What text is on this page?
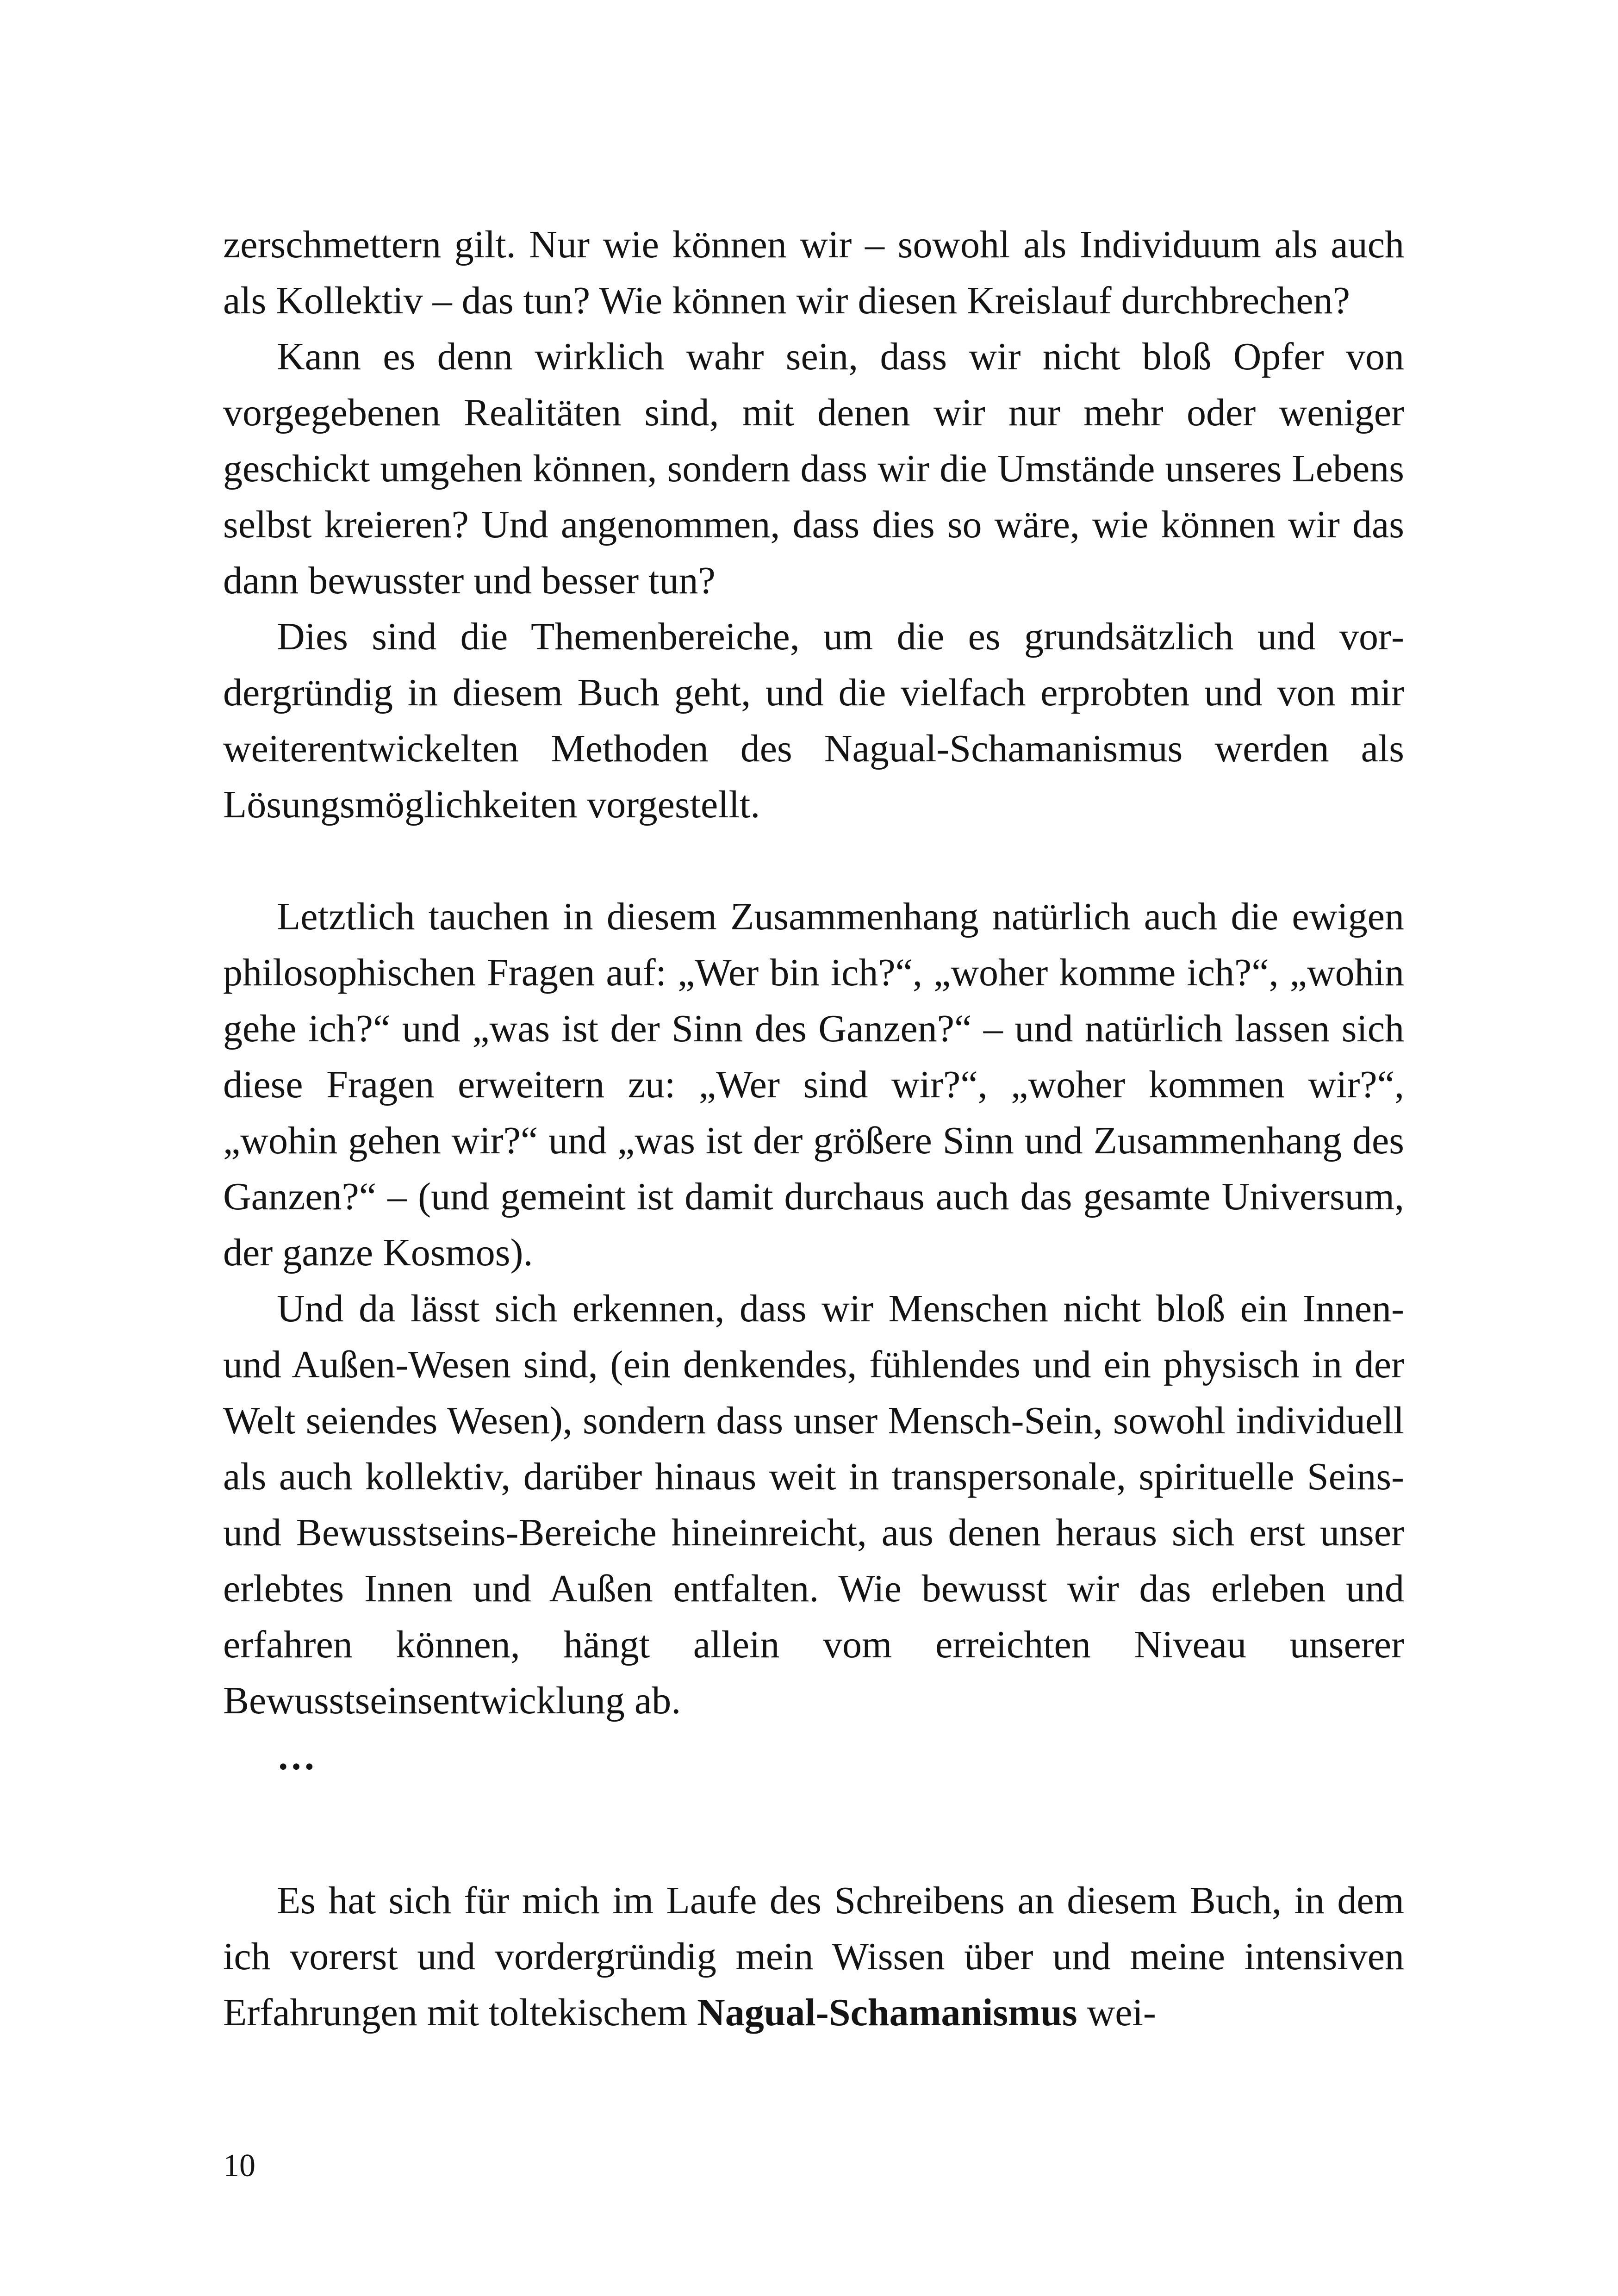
zerschmettern gilt. Nur wie können wir – sowohl als Individuum als auch als Kollektiv – das tun? Wie können wir diesen Kreislauf durchbrechen?

Kann es denn wirklich wahr sein, dass wir nicht bloß Opfer von vorgegebenen Realitäten sind, mit denen wir nur mehr oder weniger geschickt umgehen können, sondern dass wir die Umstände unseres Lebens selbst kreieren? Und angenommen, dass dies so wäre, wie können wir das dann bewusster und besser tun?

Dies sind die Themenbereiche, um die es grundsätzlich und vordergründig in diesem Buch geht, und die vielfach erprobten und von mir weiterentwickelten Methoden des Nagual-Schamanismus werden als Lösungsmöglichkeiten vorgestellt.

Letztlich tauchen in diesem Zusammenhang natürlich auch die ewigen philosophischen Fragen auf: „Wer bin ich?“, „woher komme ich?“, „wohin gehe ich?“ und „was ist der Sinn des Ganzen?“ – und natürlich lassen sich diese Fragen erweitern zu: „Wer sind wir?“, „woher kommen wir?“, „wohin gehen wir?“ und „was ist der größere Sinn und Zusammenhang des Ganzen?“ – (und gemeint ist damit durchaus auch das gesamte Universum, der ganze Kosmos).

Und da lässt sich erkennen, dass wir Menschen nicht bloß ein Innen- und Außen-Wesen sind, (ein denkendes, fühlendes und ein physisch in der Welt seiendes Wesen), sondern dass unser Mensch-Sein, sowohl individuell als auch kollektiv, darüber hinaus weit in transpersonale, spirituelle Seins- und Bewusstseins-Bereiche hineinreicht, aus denen heraus sich erst unser erlebtes Innen und Außen entfalten. Wie bewusst wir das erleben und erfahren können, hängt allein vom erreichten Niveau unserer Bewusstseinsentwicklung ab.

…

Es hat sich für mich im Laufe des Schreibens an diesem Buch, in dem ich vorerst und vordergründig mein Wissen über und meine intensiven Erfahrungen mit toltekischem Nagual-Schamanismus wei-

10
